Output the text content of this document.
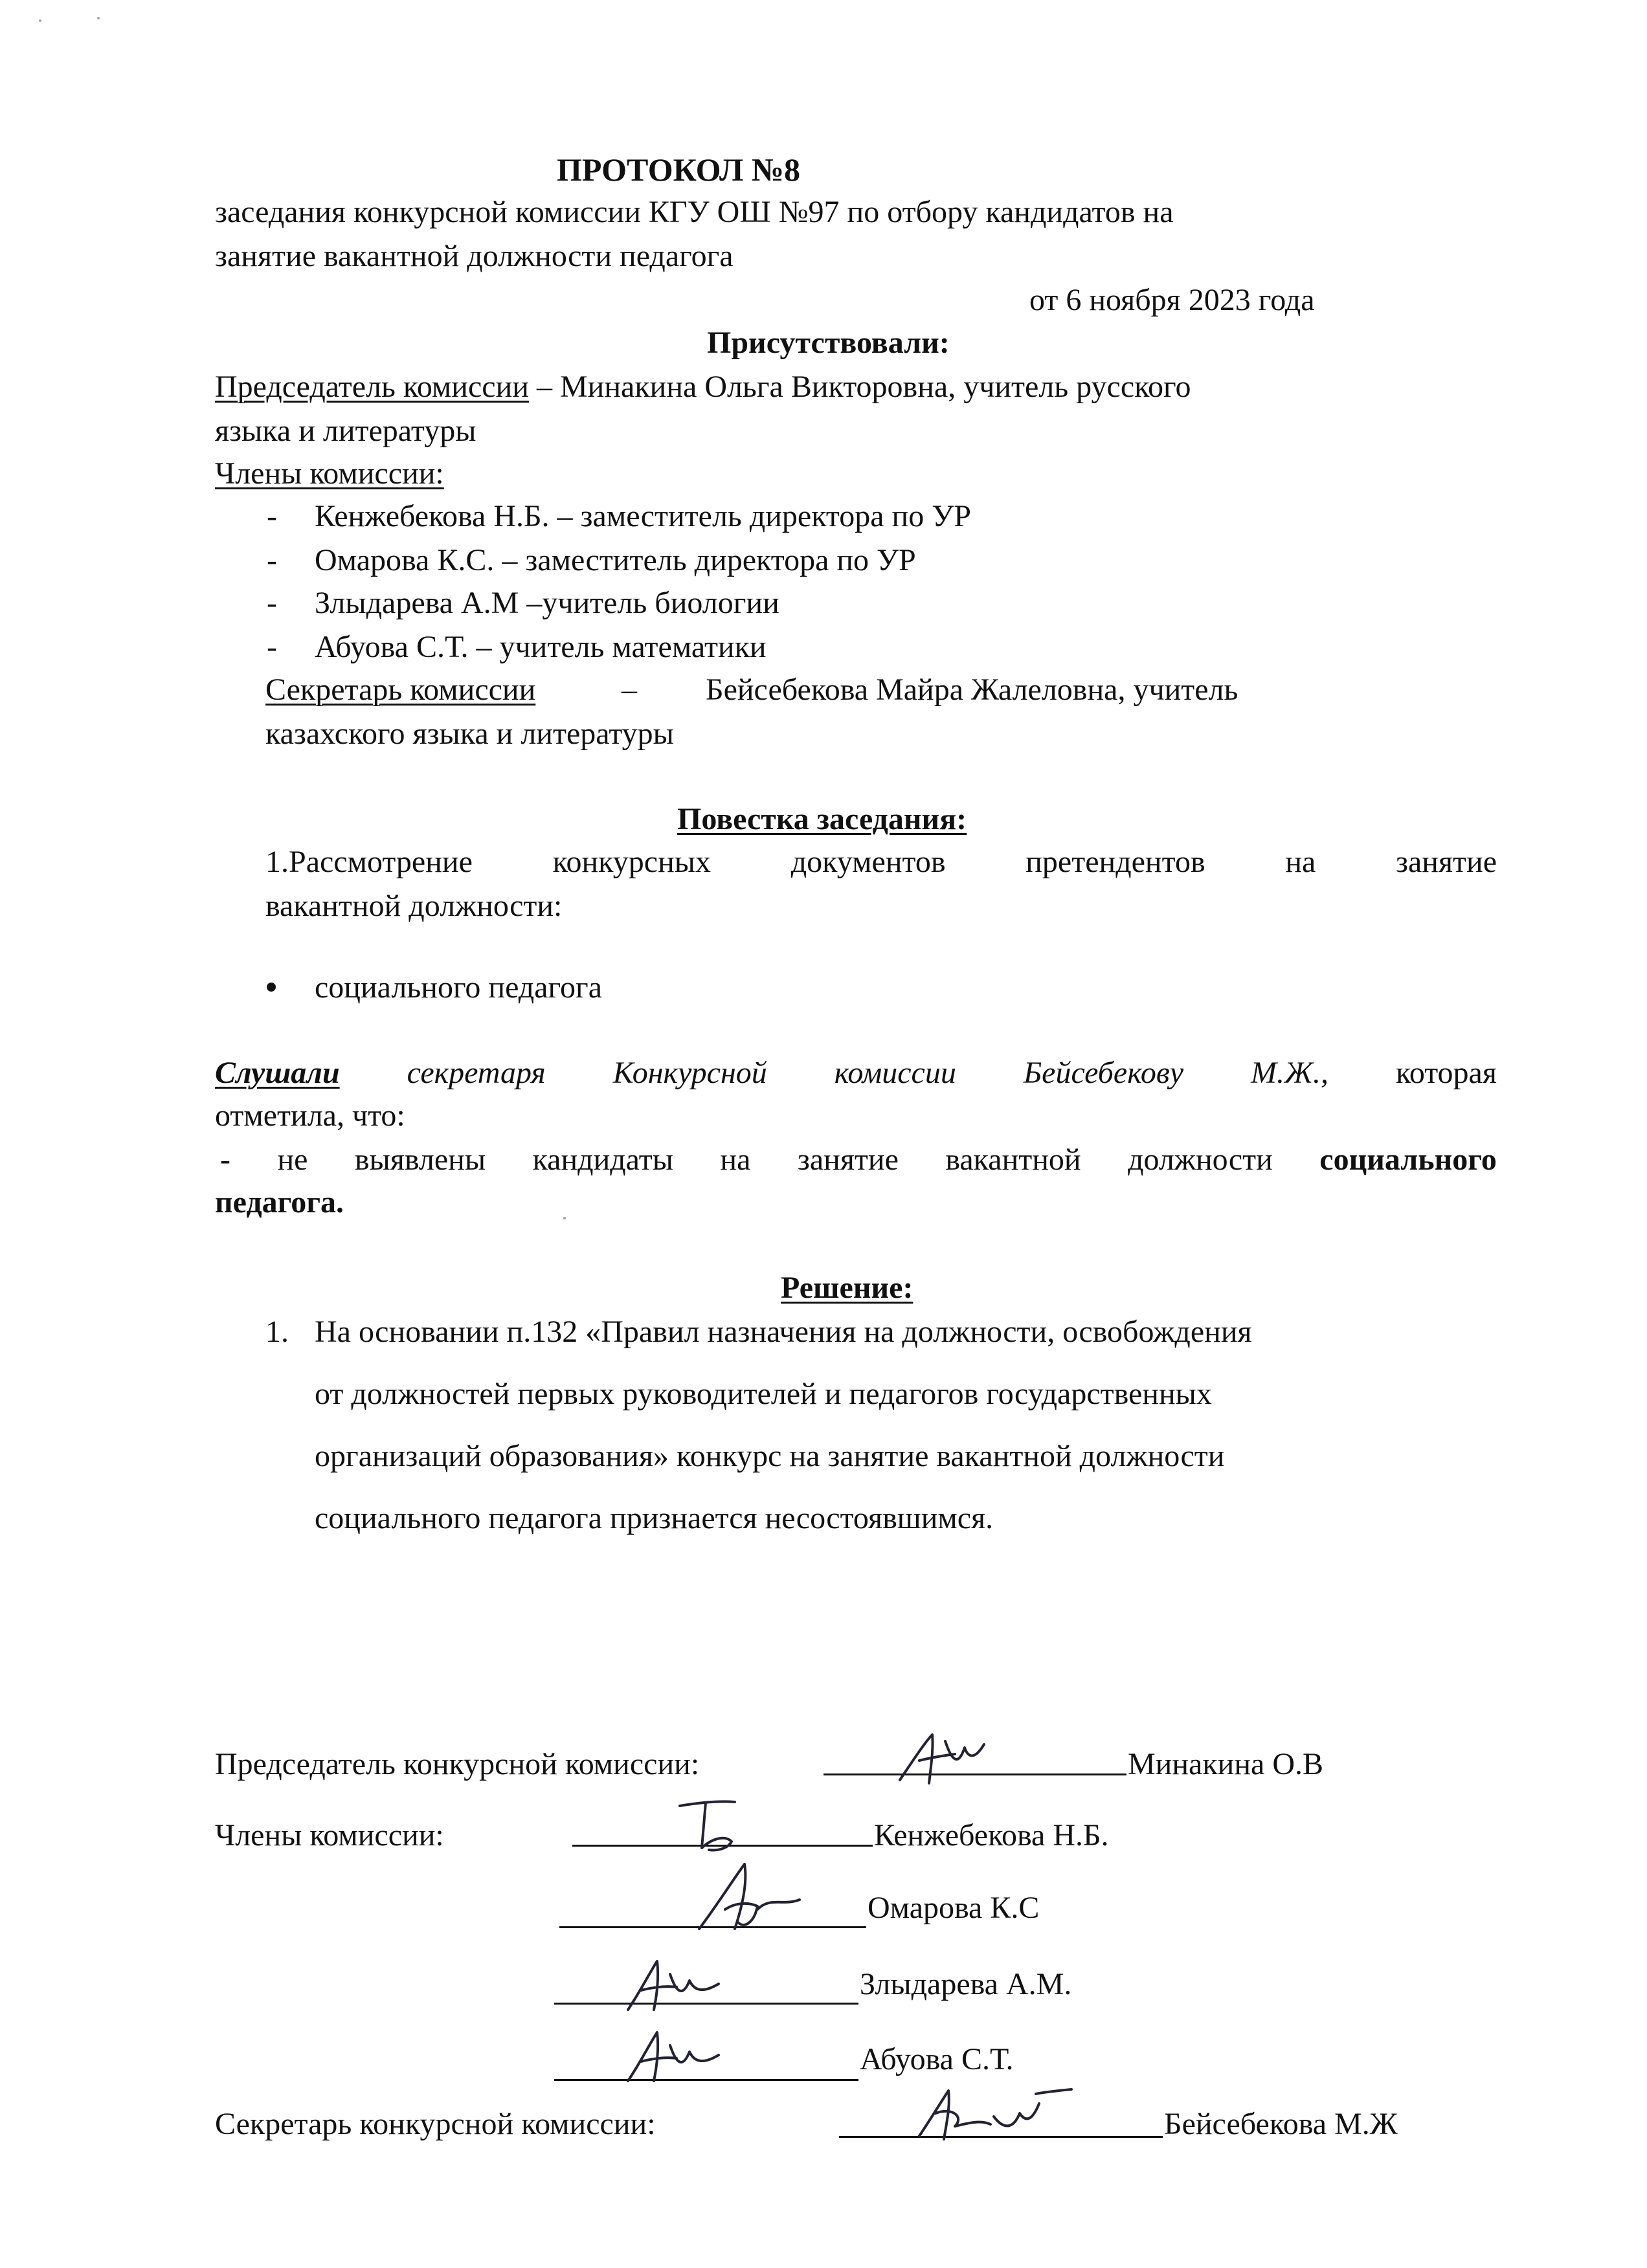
ПРОТОКОЛ №8
заседания конкурсной комиссии КГУ ОШ №97 по отбору кандидатов на
занятие вакантной должности педагога
от 6 ноября 2023 года
Присутствовали:
Председатель комиссии – Минакина Ольга Викторовна, учитель русского
языка и литературы
Члены комиссии:
- Кенжебекова Н.Б. – заместитель директора по УР
- Омарова К.С. – заместитель директора по УР
- Злыдарева А.М –учитель биологии
- Абуова С.Т. – учитель математики
Секретарь комиссии	– Бейсебекова Майра Жалеловна, учитель
казахского языка и литературы
Повестка заседания:
1.Рассмотрение	конкурсных	документов	претендентов	на	занятие
вакантной должности:
социального педагога
Слушали секретаря Конкурсной комиссии Бейсебекову М.Ж., которая
отметила, что:
- не выявлены кандидаты на занятие вакантной должности социального
педагога.
Решение:
1. На основании п.132 «Правил назначения на должности, освобождения
от должностей первых руководителей и педагогов государственных
организаций образования» конкурс на занятие вакантной должности
социального педагога признается несостоявшимся.
Председатель конкурсной комиссии:	Минакина О.В
Члены комиссии:	Кенжебекова Н.Б.
Омарова К.С
Злыдарева А.М.
Абуова С.Т.
Секретарь конкурсной комиссии:	Бейсебекова М.Ж
